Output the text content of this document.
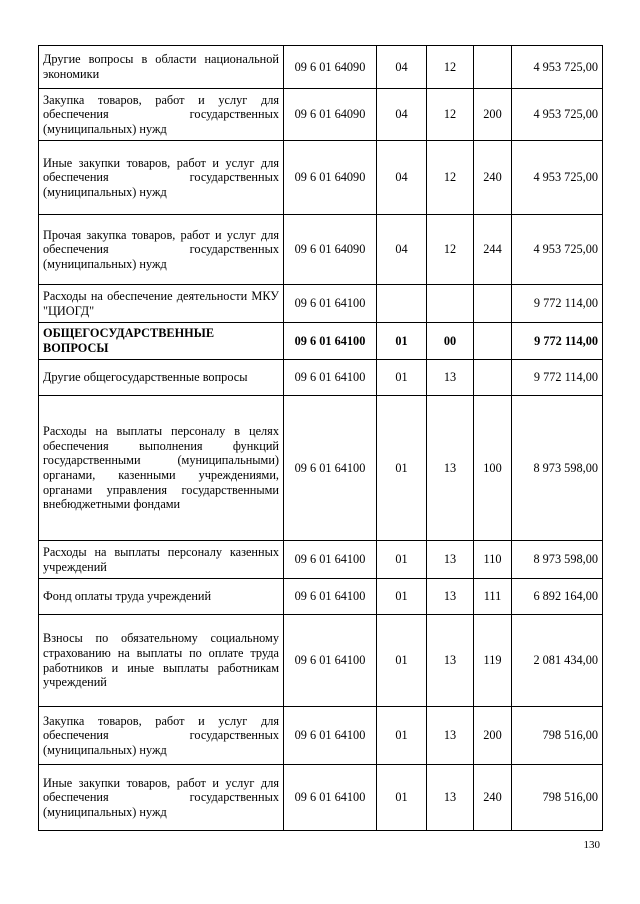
Другие вопросы в области национальной экономики	09 6 01 64090	04	12		4 953 725,00
Закупка товаров, работ и услуг для обеспечения государственных (муниципальных) нужд	09 6 01 64090	04	12	200	4 953 725,00
Иные закупки товаров, работ и услуг для обеспечения государственных (муниципальных) нужд	09 6 01 64090	04	12	240	4 953 725,00
Прочая закупка товаров, работ и услуг для обеспечения государственных (муниципальных) нужд	09 6 01 64090	04	12	244	4 953 725,00
Расходы на обеспечение деятельности МКУ "ЦИОГД"	09 6 01 64100				9 772 114,00
ОБЩЕГОСУДАРСТВЕННЫЕ ВОПРОСЫ	09 6 01 64100	01	00		9 772 114,00
Другие общегосударственные вопросы	09 6 01 64100	01	13		9 772 114,00
Расходы на выплаты персоналу в целях обеспечения выполнения функций государственными (муниципальными) органами, казенными учреждениями, органами управления государственными внебюджетными фондами	09 6 01 64100	01	13	100	8 973 598,00
Расходы на выплаты персоналу казенных учреждений	09 6 01 64100	01	13	110	8 973 598,00
Фонд оплаты труда учреждений	09 6 01 64100	01	13	111	6 892 164,00
Взносы по обязательному социальному страхованию на выплаты по оплате труда работников и иные выплаты работникам учреждений	09 6 01 64100	01	13	119	2 081 434,00
Закупка товаров, работ и услуг для обеспечения государственных (муниципальных) нужд	09 6 01 64100	01	13	200	798 516,00
Иные закупки товаров, работ и услуг для обеспечения государственных (муниципальных) нужд	09 6 01 64100	01	13	240	798 516,00
130
